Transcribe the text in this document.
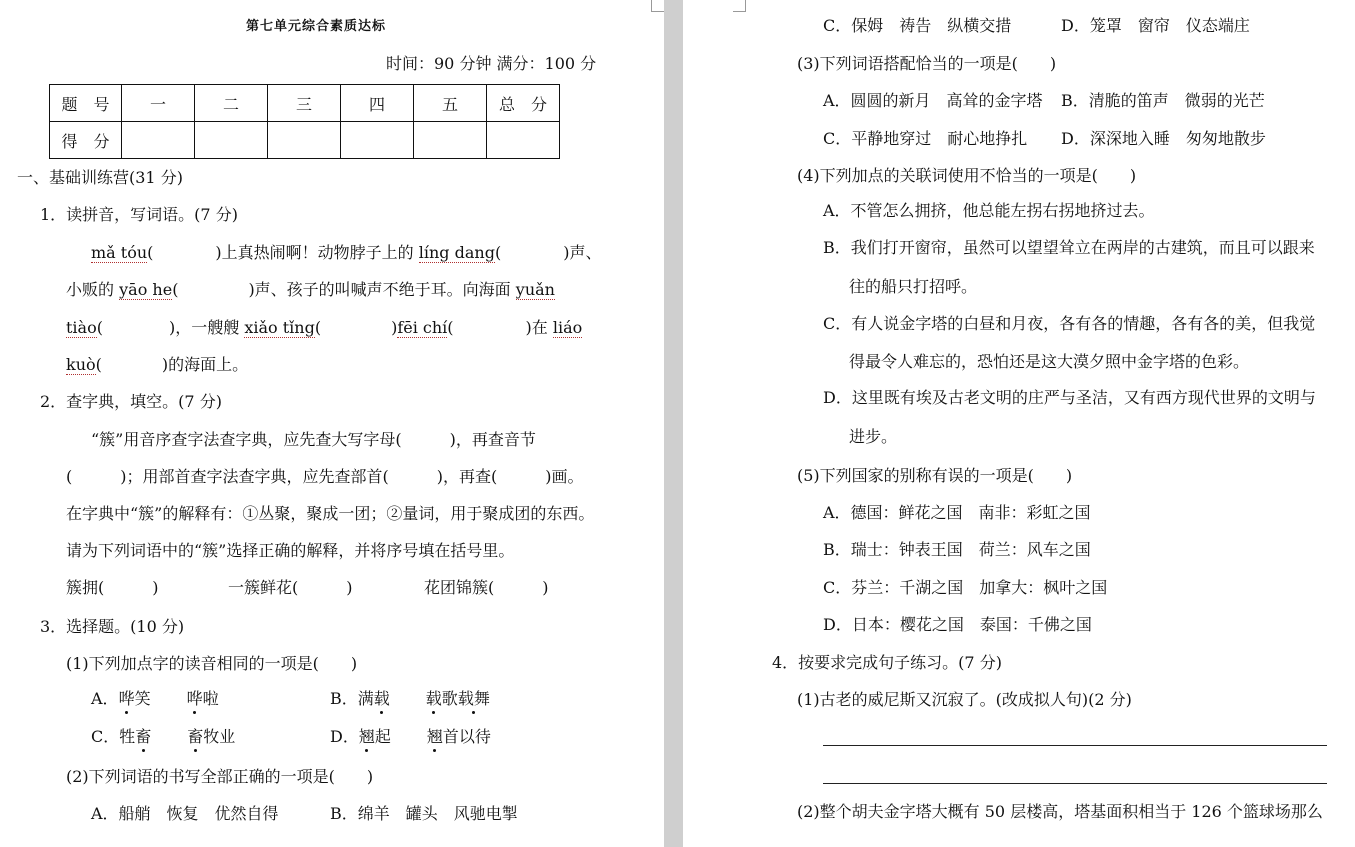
第七单元综合素质达标
时间：90 分钟 满分：100 分
题　号	一	二	三	四	五	总　分
得　分						
一、基础训练营(31 分)
1．读拼音，写词语。(7 分)
mǎ tóu(	)上真热闹啊！动物脖子上的 líng dang(	)声、
小贩的 yāo he(	)声、孩子的叫喊声不绝于耳。向海面 yuǎn
tiào(	)，一艘艘 xiǎo tǐng(	)fēi chí(	)在 liáo
kuò(	)的海面上。
2．查字典，填空。(7 分)
“簇”用音序查字法查字典，应先查大写字母(　　　)，再查音节
(　　　)；用部首查字法查字典，应先查部首(　　　)，再查(　　　)画。
在字典中“簇”的解释有：①丛聚，聚成一团；②量词，用于聚成团的东西。
请为下列词语中的“簇”选择正确的解释，并将序号填在括号里。
簇拥(　　　)	一簇鲜花(　　　)	花团锦簇(　　　)
3．选择题。(10 分)
(1)下列加点字的读音相同的一项是(　　)
A．哗笑 哗啦	B．满载 载歌载舞
C．牲畜 畜牧业	D．翘起 翘首以待
(2)下列词语的书写全部正确的一项是(　　)
A．船艄　恢复　优然自得	B．绵羊　罐头　风驰电掣
C．保姆　祷告　纵横交措	D．笼罩　窗帘　仪态端庄
(3)下列词语搭配恰当的一项是(　　)
A．圆圆的新月　高耸的金字塔 B．清脆的笛声　微弱的光芒
C．平静地穿过　耐心地挣扎 D．深深地入睡　匆匆地散步
(4)下列加点的关联词使用不恰当的一项是(　　)
A．不管怎么拥挤，他总能左拐右拐地挤过去。
B．我们打开窗帘，虽然可以望望耸立在两岸的古建筑，而且可以跟来
往的船只打招呼。
C．有人说金字塔的白昼和月夜，各有各的情趣，各有各的美，但我觉
得最令人难忘的，恐怕还是这大漠夕照中金字塔的色彩。
D．这里既有埃及古老文明的庄严与圣洁，又有西方现代世界的文明与
进步。
(5)下列国家的别称有误的一项是(　　)
A．德国：鲜花之国　南非：彩虹之国
B．瑞士：钟表王国　荷兰：风车之国
C．芬兰：千湖之国　加拿大：枫叶之国
D．日本：樱花之国　泰国：千佛之国
4．按要求完成句子练习。(7 分)
(1)古老的威尼斯又沉寂了。(改成拟人句)(2 分)
(2)整个胡夫金字塔大概有 50 层楼高，塔基面积相当于 126 个篮球场那么
